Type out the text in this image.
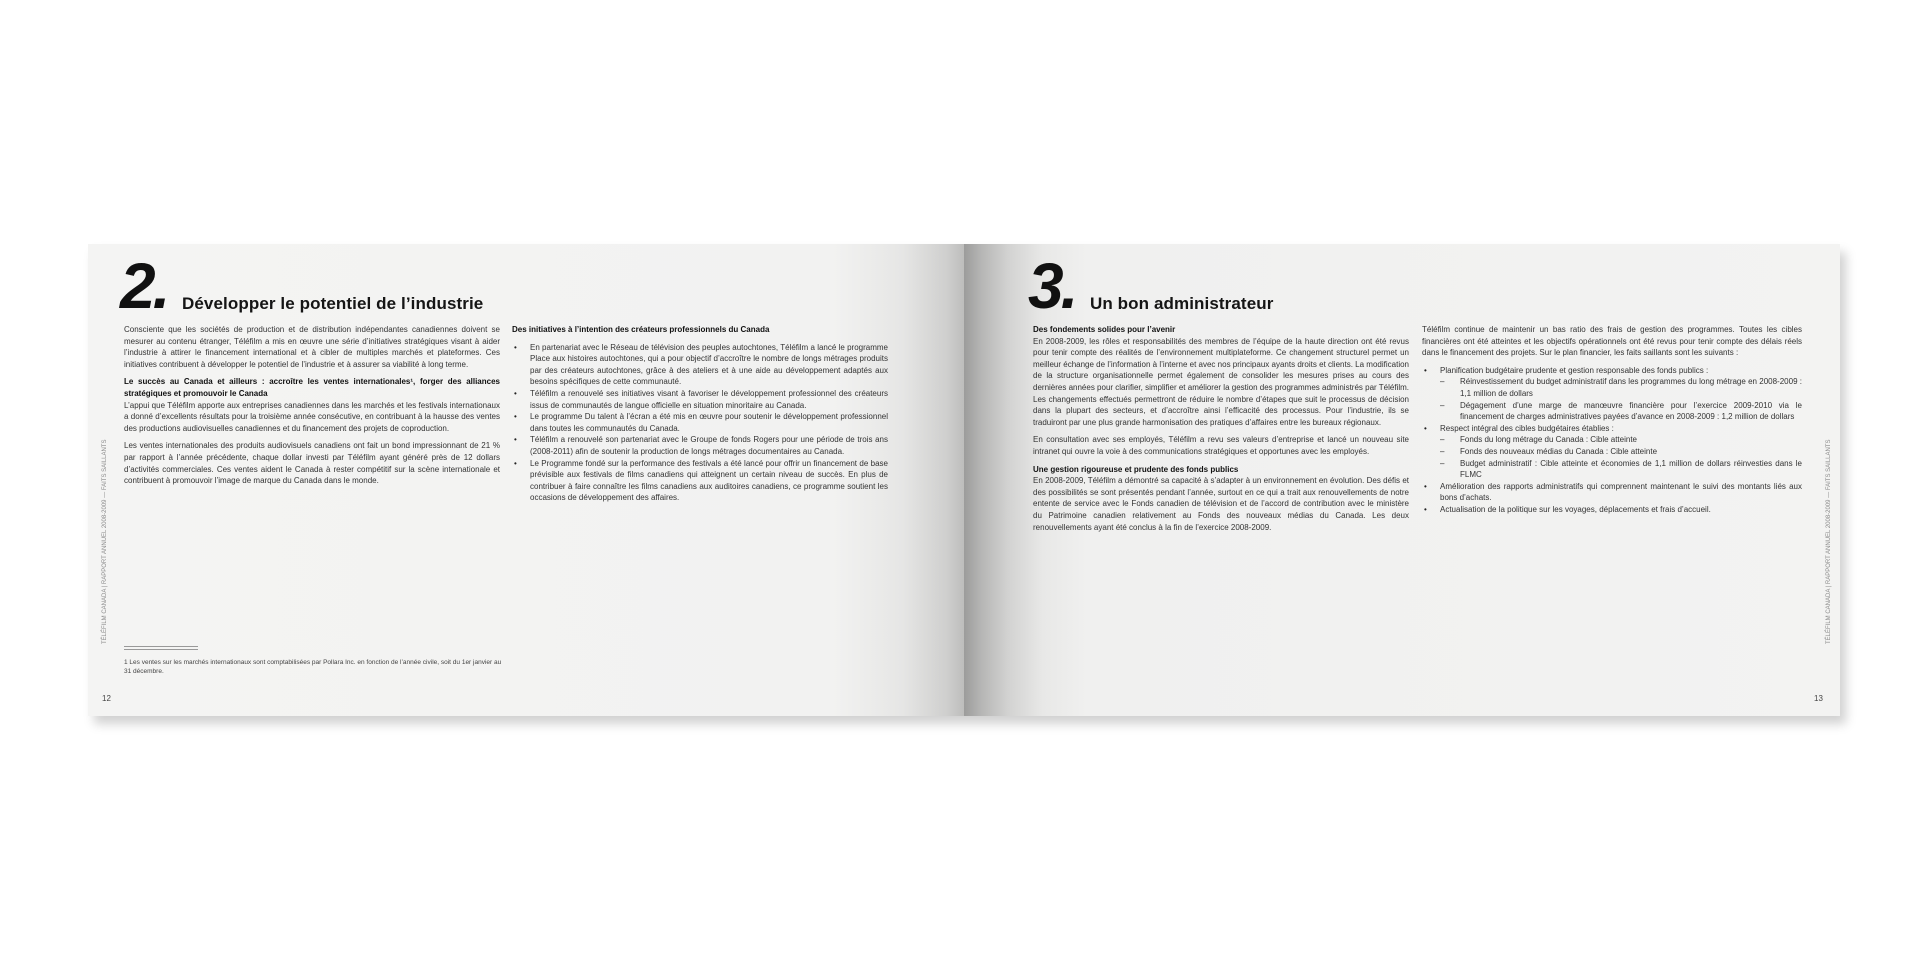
2. Développer le potentiel de l’industrie

Consciente que les sociétés de production et de distribution indépendantes canadiennes doivent se mesurer au contenu étranger, Téléfilm a mis en œuvre une série d’initiatives stratégiques visant à aider l’industrie à attirer le financement international et à cibler de multiples marchés et plateformes. Ces initiatives contribuent à développer le potentiel de l’industrie et à assurer sa viabilité à long terme.

Le succès au Canada et ailleurs : accroître les ventes internationales¹, forger des alliances stratégiques et promouvoir le Canada

L’appui que Téléfilm apporte aux entreprises canadiennes dans les marchés et les festivals internationaux a donné d’excellents résultats pour la troisième année consécutive, en contribuant à la hausse des ventes des productions audiovisuelles canadiennes et du financement des projets de coproduction.

Les ventes internationales des produits audiovisuels canadiens ont fait un bond impressionnant de 21 % par rapport à l’année précédente, chaque dollar investi par Téléfilm ayant généré près de 12 dollars d’activités commerciales. Ces ventes aident le Canada à rester compétitif sur la scène internationale et contribuent à promouvoir l’image de marque du Canada dans le monde.

Des initiatives à l’intention des créateurs professionnels du Canada

• En partenariat avec le Réseau de télévision des peuples autochtones, Téléfilm a lancé le programme Place aux histoires autochtones, qui a pour objectif d’accroître le nombre de longs métrages produits par des créateurs autochtones, grâce à des ateliers et à une aide au développement adaptés aux besoins spécifiques de cette communauté.
• Téléfilm a renouvelé ses initiatives visant à favoriser le développement professionnel des créateurs issus de communautés de langue officielle en situation minoritaire au Canada.
• Le programme Du talent à l’écran a été mis en œuvre pour soutenir le développement professionnel dans toutes les communautés du Canada.
• Téléfilm a renouvelé son partenariat avec le Groupe de fonds Rogers pour une période de trois ans (2008-2011) afin de soutenir la production de longs métrages documentaires au Canada.
• Le Programme fondé sur la performance des festivals a été lancé pour offrir un financement de base prévisible aux festivals de films canadiens qui atteignent un certain niveau de succès. En plus de contribuer à faire connaître les films canadiens aux auditoires canadiens, ce programme soutient les occasions de développement des affaires.
1 Les ventes sur les marchés internationaux sont comptabilisées par Pollara Inc. en fonction de l’année civile, soit du 1er janvier au 31 décembre.
TÉLÉFILM CANADA | RAPPORT ANNUEL 2008-2009 — FAITS SAILLANTS
12
3. Un bon administrateur

Des fondements solides pour l’avenir

En 2008-2009, les rôles et responsabilités des membres de l’équipe de la haute direction ont été revus pour tenir compte des réalités de l’environnement multiplateforme. Ce changement structurel permet un meilleur échange de l’information à l’interne et avec nos principaux ayants droits et clients. La modification de la structure organisationnelle permet également de consolider les mesures prises au cours des dernières années pour clarifier, simplifier et améliorer la gestion des programmes administrés par Téléfilm. Les changements effectués permettront de réduire le nombre d’étapes que suit le processus de décision dans la plupart des secteurs, et d’accroître ainsi l’efficacité des processus. Pour l’industrie, ils se traduiront par une plus grande harmonisation des pratiques d’affaires entre les bureaux régionaux.

En consultation avec ses employés, Téléfilm a revu ses valeurs d’entreprise et lancé un nouveau site intranet qui ouvre la voie à des communications stratégiques et opportunes avec les employés.

Une gestion rigoureuse et prudente des fonds publics

En 2008-2009, Téléfilm a démontré sa capacité à s’adapter à un environnement en évolution. Des défis et des possibilités se sont présentés pendant l’année, surtout en ce qui a trait aux renouvellements de notre entente de service avec le Fonds canadien de télévision et de l’accord de contribution avec le ministère du Patrimoine canadien relativement au Fonds des nouveaux médias du Canada. Les deux renouvellements ayant été conclus à la fin de l’exercice 2008-2009.

Téléfilm continue de maintenir un bas ratio des frais de gestion des programmes. Toutes les cibles financières ont été atteintes et les objectifs opérationnels ont été revus pour tenir compte des délais réels dans le financement des projets. Sur le plan financier, les faits saillants sont les suivants :

• Planification budgétaire prudente et gestion responsable des fonds publics :
– Réinvestissement du budget administratif dans les programmes du long métrage en 2008-2009 : 1,1 million de dollars
– Dégagement d’une marge de manœuvre financière pour l’exercice 2009-2010 via le financement de charges administratives payées d’avance en 2008-2009 : 1,2 million de dollars
• Respect intégral des cibles budgétaires établies :
– Fonds du long métrage du Canada : Cible atteinte
– Fonds des nouveaux médias du Canada : Cible atteinte
– Budget administratif : Cible atteinte et économies de 1,1 million de dollars réinvesties dans le FLMC
• Amélioration des rapports administratifs qui comprennent maintenant le suivi des montants liés aux bons d’achats.
• Actualisation de la politique sur les voyages, déplacements et frais d’accueil.	TÉLÉFILM CANADA | RAPPORT ANNUEL 2008-2009 — FAITS SAILLANTS
13
